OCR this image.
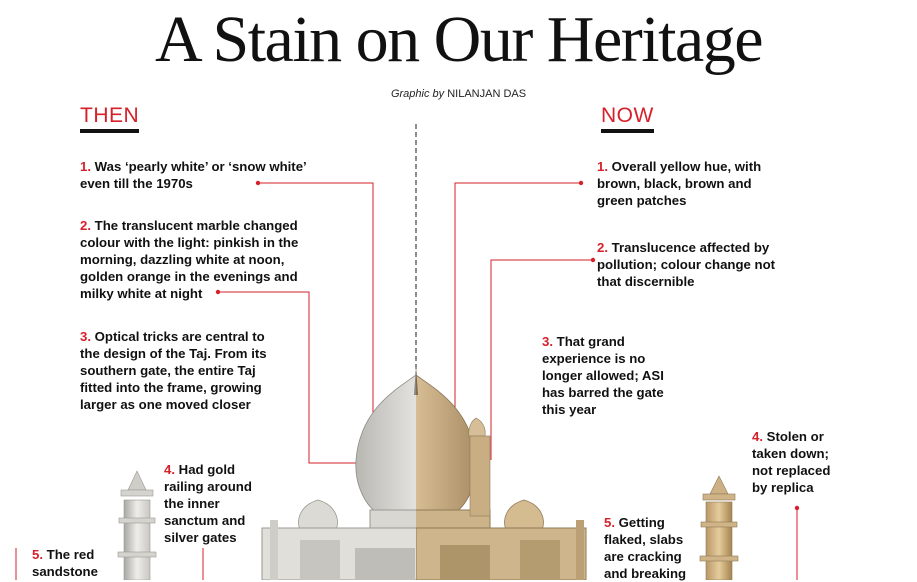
A Stain on Our Heritage
Graphic by NILANJAN DAS
THEN	NOW
1. Was ‘pearly white’ or ‘snow white’ even till the 1970s
2. The translucent marble changed colour with the light: pinkish in the morning, dazzling white at noon, golden orange in the evenings and milky white at night
3. Optical tricks are central to the design of the Taj. From its southern gate, the entire Taj fitted into the frame, growing larger as one moved closer
4. Had gold railing around the inner sanctum and silver gates
5. The red sandstone
1. Overall yellow hue, with brown, black, brown and green patches
2. Translucence affected by pollution; colour change not that discernible
3. That grand experience is no longer allowed; ASI has barred the gate this year
4. Stolen or taken down; not replaced by replica
5. Getting flaked, slabs are cracking and breaking
